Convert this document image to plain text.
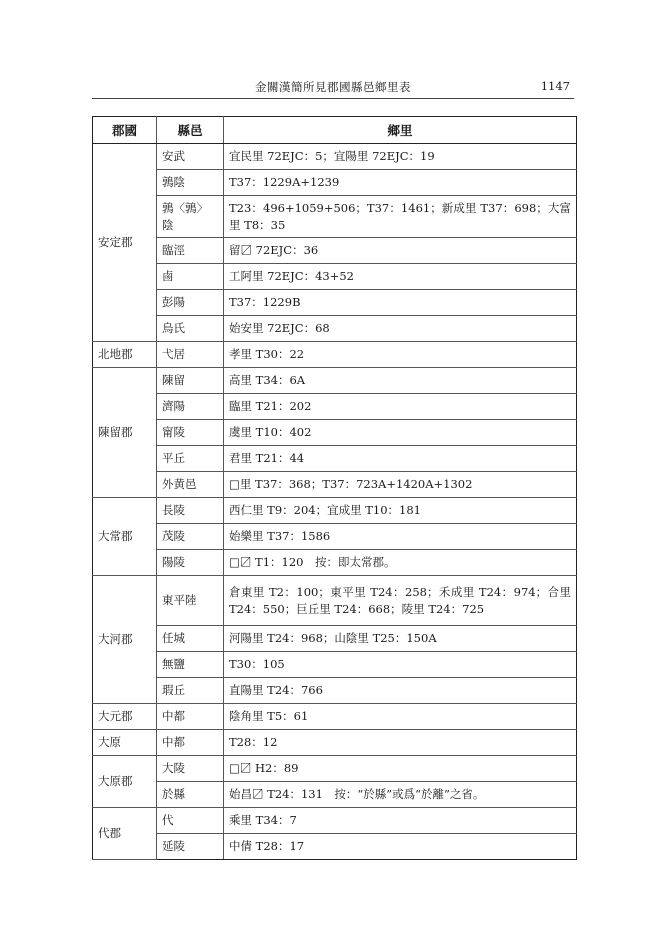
金關漢簡所見郡國縣邑鄉里表	1147
郡國	縣邑	鄉里
安定郡	安武	宜民里 72EJC：5；宜陽里 72EJC：19
	鶉陰	T37：1229A+1239
	鶉〈鶉〉陰	T23：496+1059+506；T37：1461；新成里 T37：698；大富里 T8：35
	臨涇	留〼 72EJC：36
	鹵	工阿里 72EJC：43+52
	彭陽	T37：1229B
	烏氏	始安里 72EJC：68
北地郡	弋居	孝里 T30：22
陳留郡	陳留	高里 T34：6A
	濟陽	臨里 T21：202
	甯陵	虞里 T10：402
	平丘	君里 T21：44
	外黄邑	□里 T37：368；T37：723A+1420A+1302
大常郡	長陵	西仁里 T9：204；宜成里 T10：181
	茂陵	始樂里 T37：1586
	陽陵	□〼 T1：120　按：即太常郡。
大河郡	東平陸	倉東里 T2：100；東平里 T24：258；禾成里 T24：974；合里 T24：550；巨丘里 T24：668；陵里 T24：725
	任城	河陽里 T24：968；山陰里 T25：150A
	無鹽	T30：105
	瑕丘	直陽里 T24：766
大元郡	中都	陰角里 T5：61
大原	中都	T28：12
大原郡	大陵	□〼 H2：89
	於縣	始昌〼 T24：131　按：“於縣”或爲“於離”之省。
代郡	代	乘里 T34：7
	延陵	中倩 T28：17
